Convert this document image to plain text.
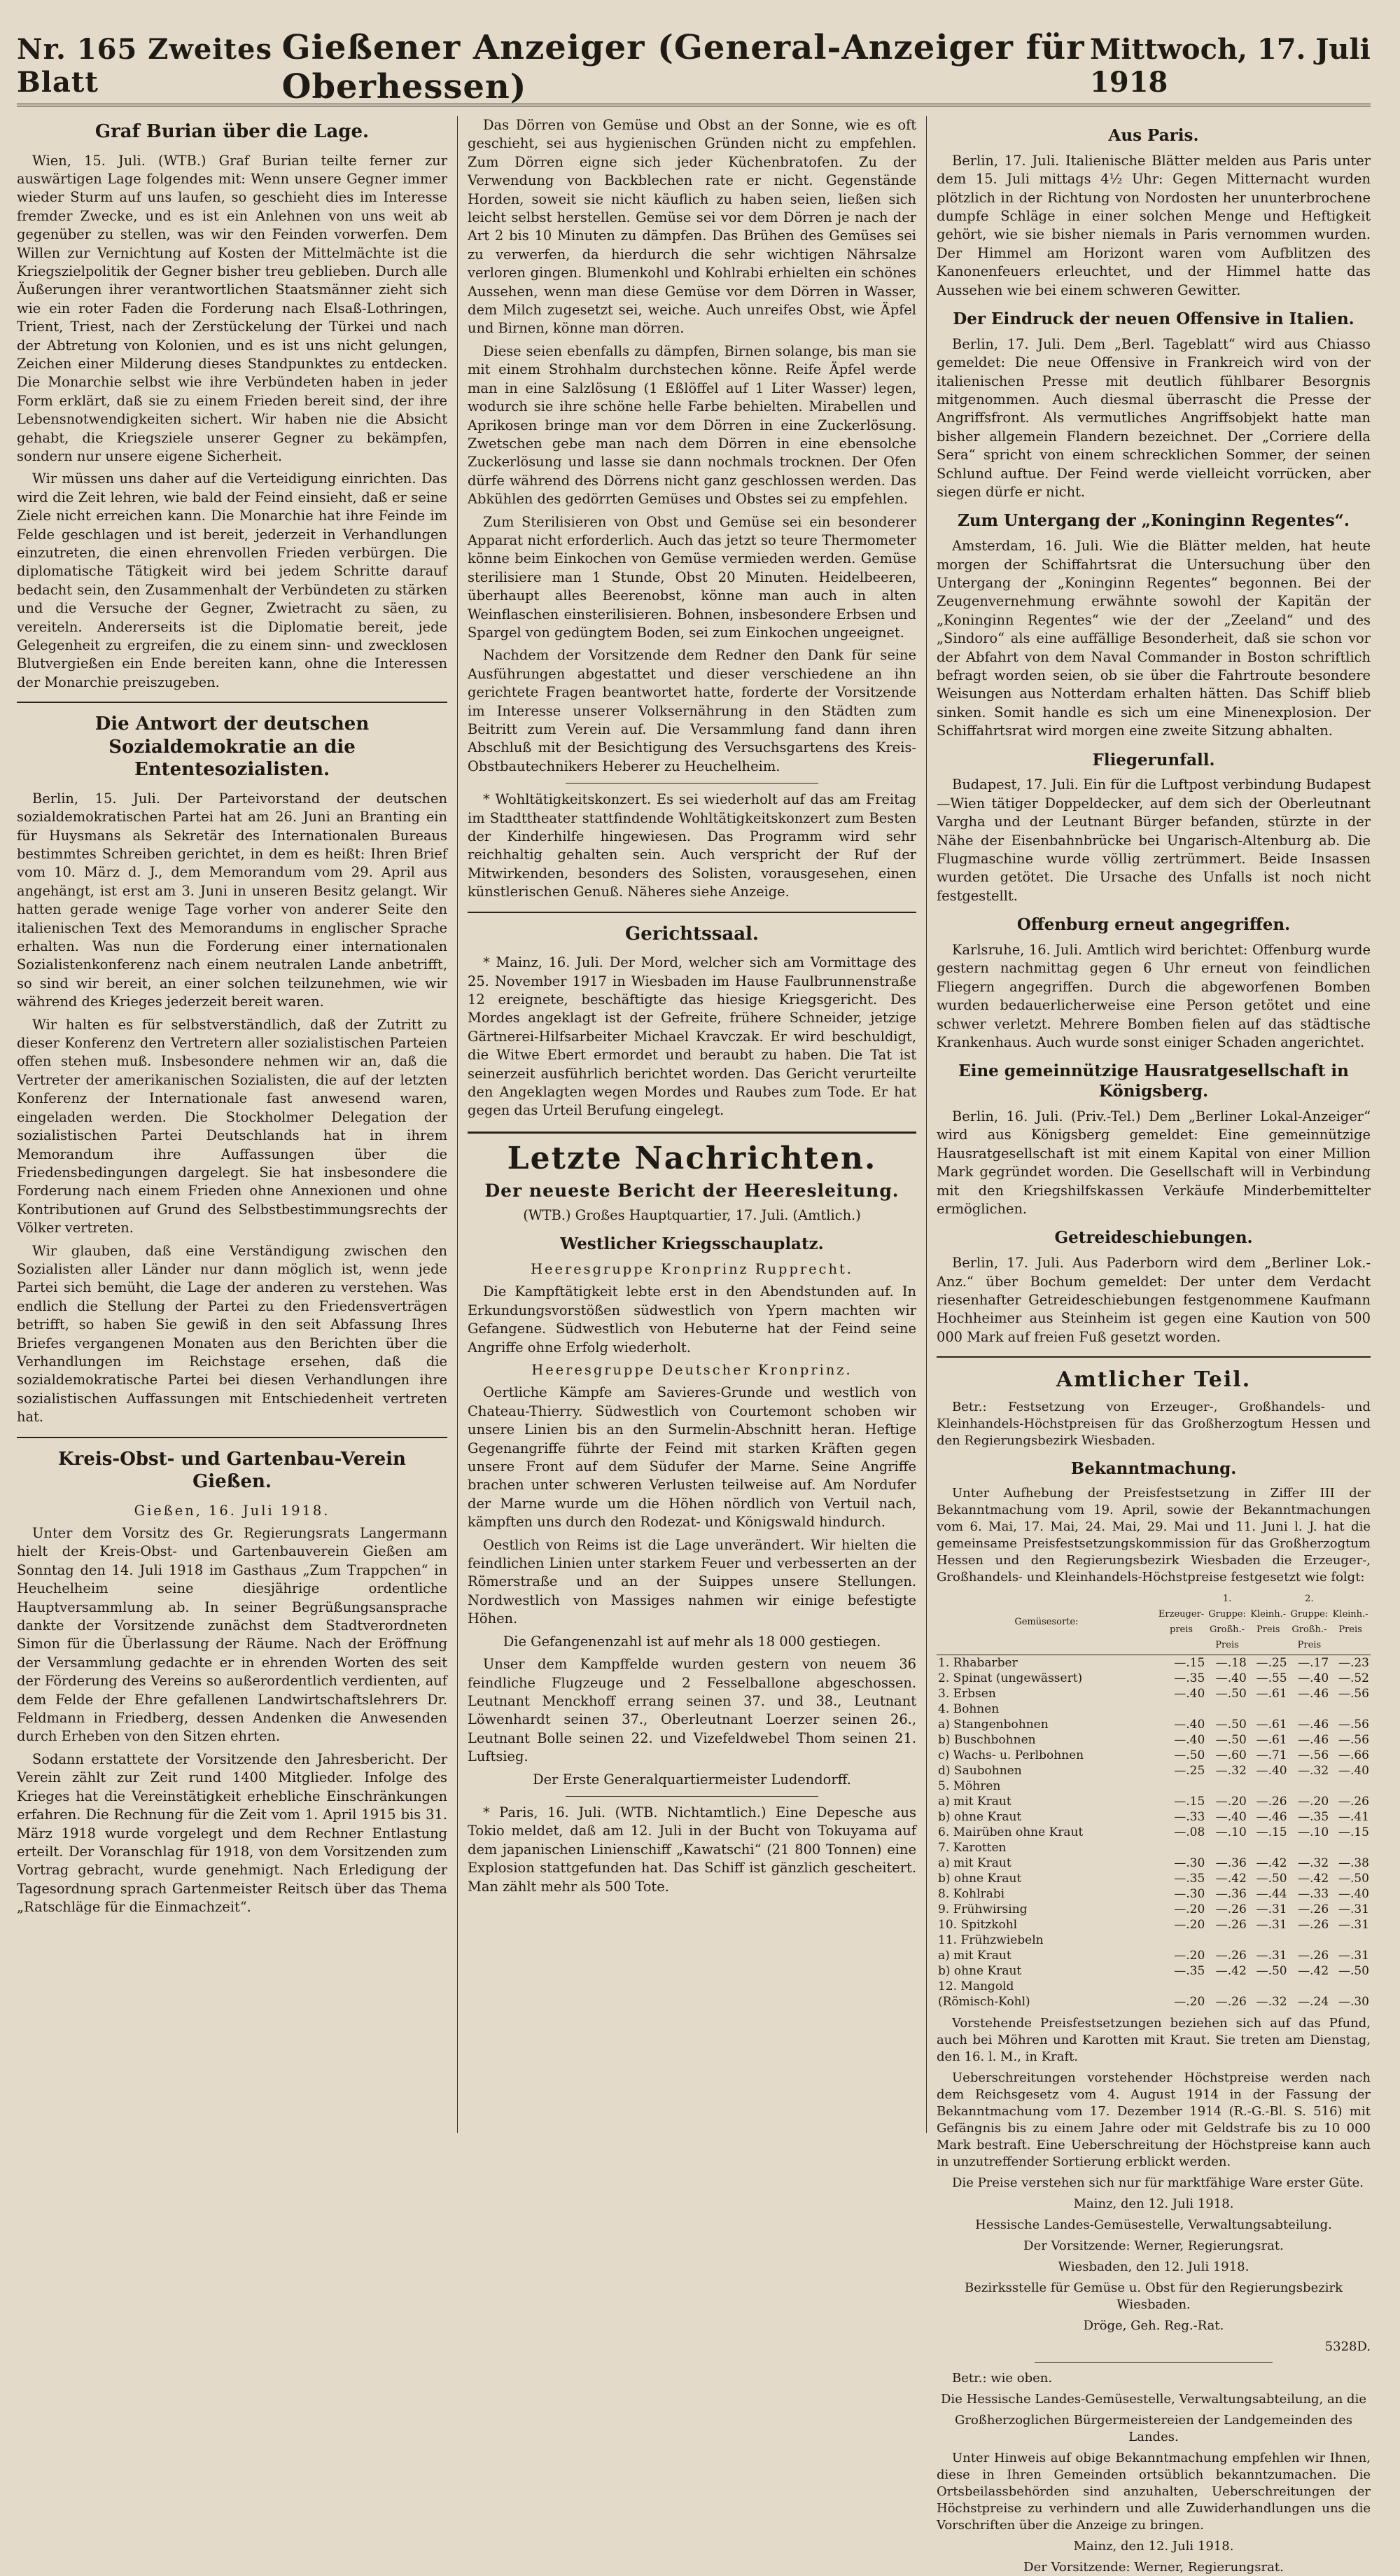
Nr. 165 Zweites Blatt
Gießener Anzeiger (General-Anzeiger für Oberhessen)
Mittwoch, 17. Juli 1918
Graf Burian über die Lage.

Wien, 15. Juli. (WTB.) Graf Burian teilte ferner zur auswärtigen Lage folgendes mit: Wenn unsere Gegner immer wieder Sturm auf uns laufen, so geschieht dies im Interesse fremder Zwecke, und es ist ein Anlehnen von uns weit ab gegenüber zu stellen, was wir den Feinden vorwerfen. Dem Willen zur Vernichtung auf Kosten der Mittelmächte ist die Kriegszielpolitik der Gegner bisher treu geblieben. Durch alle Äußerungen ihrer verantwortlichen Staatsmänner zieht sich wie ein roter Faden die Forderung nach Elsaß-Lothringen, Trient, Triest, nach der Zerstückelung der Türkei und nach der Abtretung von Kolonien, und es ist uns nicht gelungen, Zeichen einer Milderung dieses Standpunktes zu entdecken. Die Monarchie selbst wie ihre Verbündeten haben in jeder Form erklärt, daß sie zu einem Frieden bereit sind, der ihre Lebensnotwendigkeiten sichert. Wir haben nie die Absicht gehabt, die Kriegsziele unserer Gegner zu bekämpfen, sondern nur unsere eigene Sicherheit.

Wir müssen uns daher auf die Verteidigung einrichten. Das wird die Zeit lehren, wie bald der Feind einsieht, daß er seine Ziele nicht erreichen kann. Die Monarchie hat ihre Feinde im Felde geschlagen und ist bereit, jederzeit in Verhandlungen einzutreten, die einen ehrenvollen Frieden verbürgen. Die diplomatische Tätigkeit wird bei jedem Schritte darauf bedacht sein, den Zusammenhalt der Verbündeten zu stärken und die Versuche der Gegner, Zwietracht zu säen, zu vereiteln. Andererseits ist die Diplomatie bereit, jede Gelegenheit zu ergreifen, die zu einem sinn- und zwecklosen Blutvergießen ein Ende bereiten kann, ohne die Interessen der Monarchie preiszugeben.

Die Antwort der deutschen Sozialdemokratie an die Ententesozialisten.

Berlin, 15. Juli. Der Parteivorstand der deutschen sozialdemokratischen Partei hat am 26. Juni an Branting ein für Huysmans als Sekretär des Internationalen Bureaus bestimmtes Schreiben gerichtet, in dem es heißt: Ihren Brief vom 10. März d. J., dem Memorandum vom 29. April aus angehängt, ist erst am 3. Juni in unseren Besitz gelangt. Wir hatten gerade wenige Tage vorher von anderer Seite den italienischen Text des Memorandums in englischer Sprache erhalten. Was nun die Forderung einer internationalen Sozialistenkonferenz nach einem neutralen Lande anbetrifft, so sind wir bereit, an einer solchen teilzunehmen, wie wir während des Krieges jederzeit bereit waren.

Wir halten es für selbstverständlich, daß der Zutritt zu dieser Konferenz den Vertretern aller sozialistischen Parteien offen stehen muß. Insbesondere nehmen wir an, daß die Vertreter der amerikanischen Sozialisten, die auf der letzten Konferenz der Internationale fast anwesend waren, eingeladen werden. Die Stockholmer Delegation der sozialistischen Partei Deutschlands hat in ihrem Memorandum ihre Auffassungen über die Friedensbedingungen dargelegt. Sie hat insbesondere die Forderung nach einem Frieden ohne Annexionen und ohne Kontributionen auf Grund des Selbstbestimmungsrechts der Völker vertreten.

Wir glauben, daß eine Verständigung zwischen den Sozialisten aller Länder nur dann möglich ist, wenn jede Partei sich bemüht, die Lage der anderen zu verstehen. Was endlich die Stellung der Partei zu den Friedensverträgen betrifft, so haben Sie gewiß in den seit Abfassung Ihres Briefes vergangenen Monaten aus den Berichten über die Verhandlungen im Reichstage ersehen, daß die sozialdemokratische Partei bei diesen Verhandlungen ihre sozialistischen Auffassungen mit Entschiedenheit vertreten hat.

Kreis-Obst- und Gartenbau-Verein Gießen.

Gießen, 16. Juli 1918.

Unter dem Vorsitz des Gr. Regierungsrats Langermann hielt der Kreis-Obst- und Gartenbauverein Gießen am Sonntag den 14. Juli 1918 im Gasthaus „Zum Trappchen“ in Heuchelheim seine diesjährige ordentliche Hauptversammlung ab. In seiner Begrüßungsansprache dankte der Vorsitzende zunächst dem Stadtverordneten Simon für die Überlassung der Räume. Nach der Eröffnung der Versammlung gedachte er in ehrenden Worten des seit der Förderung des Vereins so außerordentlich verdienten, auf dem Felde der Ehre gefallenen Landwirtschaftslehrers Dr. Feldmann in Friedberg, dessen Andenken die Anwesenden durch Erheben von den Sitzen ehrten.

Sodann erstattete der Vorsitzende den Jahresbericht. Der Verein zählt zur Zeit rund 1400 Mitglieder. Infolge des Krieges hat die Vereinstätigkeit erhebliche Einschränkungen erfahren. Die Rechnung für die Zeit vom 1. April 1915 bis 31. März 1918 wurde vorgelegt und dem Rechner Entlastung erteilt. Der Voranschlag für 1918, von dem Vorsitzenden zum Vortrag gebracht, wurde genehmigt. Nach Erledigung der Tagesordnung sprach Gartenmeister Reitsch über das Thema „Ratschläge für die Einmachzeit“.

Das Dörren von Gemüse und Obst an der Sonne, wie es oft geschieht, sei aus hygienischen Gründen nicht zu empfehlen. Zum Dörren eigne sich jeder Küchenbratofen. Zu der Verwendung von Backblechen rate er nicht. Gegenstände Horden, soweit sie nicht käuflich zu haben seien, ließen sich leicht selbst herstellen. Gemüse sei vor dem Dörren je nach der Art 2 bis 10 Minuten zu dämpfen. Das Brühen des Gemüses sei zu verwerfen, da hierdurch die sehr wichtigen Nährsalze verloren gingen. Blumenkohl und Kohlrabi erhielten ein schönes Aussehen, wenn man diese Gemüse vor dem Dörren in Wasser, dem Milch zugesetzt sei, weiche. Auch unreifes Obst, wie Äpfel und Birnen, könne man dörren.

Diese seien ebenfalls zu dämpfen, Birnen solange, bis man sie mit einem Strohhalm durchstechen könne. Reife Äpfel werde man in eine Salzlösung (1 Eßlöffel auf 1 Liter Wasser) legen, wodurch sie ihre schöne helle Farbe behielten. Mirabellen und Aprikosen bringe man vor dem Dörren in eine Zuckerlösung. Zwetschen gebe man nach dem Dörren in eine ebensolche Zuckerlösung und lasse sie dann nochmals trocknen. Der Ofen dürfe während des Dörrens nicht ganz geschlossen werden. Das Abkühlen des gedörrten Gemüses und Obstes sei zu empfehlen.

Zum Sterilisieren von Obst und Gemüse sei ein besonderer Apparat nicht erforderlich. Auch das jetzt so teure Thermometer könne beim Einkochen von Gemüse vermieden werden. Gemüse sterilisiere man 1 Stunde, Obst 20 Minuten. Heidelbeeren, überhaupt alles Beerenobst, könne man auch in alten Weinflaschen einsterilisieren. Bohnen, insbesondere Erbsen und Spargel von gedüngtem Boden, sei zum Einkochen ungeeignet.

Nachdem der Vorsitzende dem Redner den Dank für seine Ausführungen abgestattet und dieser verschiedene an ihn gerichtete Fragen beantwortet hatte, forderte der Vorsitzende im Interesse unserer Volksernährung in den Städten zum Beitritt zum Verein auf. Die Versammlung fand dann ihren Abschluß mit der Besichtigung des Versuchsgartens des Kreis-Obstbautechnikers Heberer zu Heuchelheim.

* Wohltätigkeitskonzert. Es sei wiederholt auf das am Freitag im Stadttheater stattfindende Wohltätigkeitskonzert zum Besten der Kinderhilfe hingewiesen. Das Programm wird sehr reichhaltig gehalten sein. Auch verspricht der Ruf der Mitwirkenden, besonders des Solisten, vorausgesehen, einen künstlerischen Genuß. Näheres siehe Anzeige.

Gerichtssaal.

* Mainz, 16. Juli. Der Mord, welcher sich am Vormittage des 25. November 1917 in Wiesbaden im Hause Faulbrunnenstraße 12 ereignete, beschäftigte das hiesige Kriegsgericht. Des Mordes angeklagt ist der Gefreite, frühere Schneider, jetzige Gärtnerei-Hilfsarbeiter Michael Kravczak. Er wird beschuldigt, die Witwe Ebert ermordet und beraubt zu haben. Die Tat ist seinerzeit ausführlich berichtet worden. Das Gericht verurteilte den Angeklagten wegen Mordes und Raubes zum Tode. Er hat gegen das Urteil Berufung eingelegt.

Letzte Nachrichten.
Der neueste Bericht der Heeresleitung.

(WTB.) Großes Hauptquartier, 17. Juli. (Amtlich.)

Westlicher Kriegsschauplatz.

Heeresgruppe Kronprinz Rupprecht.

Die Kampftätigkeit lebte erst in den Abendstunden auf. In Erkundungsvorstößen südwestlich von Ypern machten wir Gefangene. Südwestlich von Hebuterne hat der Feind seine Angriffe ohne Erfolg wiederholt.

Heeresgruppe Deutscher Kronprinz.

Oertliche Kämpfe am Savieres-Grunde und westlich von Chateau-Thierry. Südwestlich von Courtemont schoben wir unsere Linien bis an den Surmelin-Abschnitt heran. Heftige Gegenangriffe führte der Feind mit starken Kräften gegen unsere Front auf dem Südufer der Marne. Seine Angriffe brachen unter schweren Verlusten teilweise auf. Am Nordufer der Marne wurde um die Höhen nördlich von Vertuil nach, kämpften uns durch den Rodezat- und Königswald hindurch.

Oestlich von Reims ist die Lage unverändert. Wir hielten die feindlichen Linien unter starkem Feuer und verbesserten an der Römerstraße und an der Suippes unsere Stellungen. Nordwestlich von Massiges nahmen wir einige befestigte Höhen.

Die Gefangenenzahl ist auf mehr als 18 000 gestiegen.

Unser dem Kampffelde wurden gestern von neuem 36 feindliche Flugzeuge und 2 Fesselballone abgeschossen. Leutnant Menckhoff errang seinen 37. und 38., Leutnant Löwenhardt seinen 37., Oberleutnant Loerzer seinen 26., Leutnant Bolle seinen 22. und Vizefeldwebel Thom seinen 21. Luftsieg.

Der Erste Generalquartiermeister Ludendorff.

* Paris, 16. Juli. (WTB. Nichtamtlich.) Eine Depesche aus Tokio meldet, daß am 12. Juli in der Bucht von Tokuyama auf dem japanischen Linienschiff „Kawatschi“ (21 800 Tonnen) eine Explosion stattgefunden hat. Das Schiff ist gänzlich gescheitert. Man zählt mehr als 500 Tote.

Aus Paris.

Berlin, 17. Juli. Italienische Blätter melden aus Paris unter dem 15. Juli mittags 4½ Uhr: Gegen Mitternacht wurden plötzlich in der Richtung von Nordosten her ununterbrochene dumpfe Schläge in einer solchen Menge und Heftigkeit gehört, wie sie bisher niemals in Paris vernommen wurden. Der Himmel am Horizont waren vom Aufblitzen des Kanonenfeuers erleuchtet, und der Himmel hatte das Aussehen wie bei einem schweren Gewitter.

Der Eindruck der neuen Offensive in Italien.

Berlin, 17. Juli. Dem „Berl. Tageblatt“ wird aus Chiasso gemeldet: Die neue Offensive in Frankreich wird von der italienischen Presse mit deutlich fühlbarer Besorgnis mitgenommen. Auch diesmal überrascht die Presse der Angriffsfront. Als vermutliches Angriffsobjekt hatte man bisher allgemein Flandern bezeichnet. Der „Corriere della Sera“ spricht von einem schrecklichen Sommer, der seinen Schlund auftue. Der Feind werde vielleicht vorrücken, aber siegen dürfe er nicht.

Zum Untergang der „Koninginn Regentes“.

Amsterdam, 16. Juli. Wie die Blätter melden, hat heute morgen der Schiffahrtsrat die Untersuchung über den Untergang der „Koninginn Regentes“ begonnen. Bei der Zeugenvernehmung erwähnte sowohl der Kapitän der „Koninginn Regentes“ wie der der „Zeeland“ und des „Sindoro“ als eine auffällige Besonderheit, daß sie schon vor der Abfahrt von dem Naval Commander in Boston schriftlich befragt worden seien, ob sie über die Fahrtroute besondere Weisungen aus Notterdam erhalten hätten. Das Schiff blieb sinken. Somit handle es sich um eine Minenexplosion. Der Schiffahrtsrat wird morgen eine zweite Sitzung abhalten.

Fliegerunfall.

Budapest, 17. Juli. Ein für die Luftpost verbindung Budapest—Wien tätiger Doppeldecker, auf dem sich der Oberleutnant Vargha und der Leutnant Bürger befanden, stürzte in der Nähe der Eisenbahnbrücke bei Ungarisch-Altenburg ab. Die Flugmaschine wurde völlig zertrümmert. Beide Insassen wurden getötet. Die Ursache des Unfalls ist noch nicht festgestellt.

Offenburg erneut angegriffen.

Karlsruhe, 16. Juli. Amtlich wird berichtet: Offenburg wurde gestern nachmittag gegen 6 Uhr erneut von feindlichen Fliegern angegriffen. Durch die abgeworfenen Bomben wurden bedauerlicherweise eine Person getötet und eine schwer verletzt. Mehrere Bomben fielen auf das städtische Krankenhaus. Auch wurde sonst einiger Schaden angerichtet.

Eine gemeinnützige Hausratgesellschaft in Königsberg.

Berlin, 16. Juli. (Priv.-Tel.) Dem „Berliner Lokal-Anzeiger“ wird aus Königsberg gemeldet: Eine gemeinnützige Hausratgesellschaft ist mit einem Kapital von einer Million Mark gegründet worden. Die Gesellschaft will in Verbindung mit den Kriegshilfskassen Verkäufe Minderbemittelter ermöglichen.

Getreideschiebungen.

Berlin, 17. Juli. Aus Paderborn wird dem „Berliner Lok.-Anz.“ über Bochum gemeldet: Der unter dem Verdacht riesenhafter Getreideschiebungen festgenommene Kaufmann Hochheimer aus Steinheim ist gegen eine Kaution von 500 000 Mark auf freien Fuß gesetzt worden.

Amtlicher Teil.

Betr.: Festsetzung von Erzeuger-, Großhandels- und Kleinhandels-Höchstpreisen für das Großherzogtum Hessen und den Regierungsbezirk Wiesbaden.

Bekanntmachung.

Unter Aufhebung der Preisfestsetzung in Ziffer III der Bekanntmachung vom 19. April, sowie der Bekanntmachungen vom 6. Mai, 17. Mai, 24. Mai, 29. Mai und 11. Juni l. J. hat die gemeinsame Preisfestsetzungskommission für das Großherzogtum Hessen und den Regierungsbezirk Wiesbaden die Erzeuger-, Großhandels- und Kleinhandels-Höchstpreise festgesetzt wie folgt:

Gemüsesorte:	Erzeuger-preis	1. Gruppe: Großh.-Preis	Kleinh.-Preis	2. Gruppe: Großh.-Preis	Kleinh.-Preis
1. Rhabarber	—.15	—.18	—.25	—.17	—.23
2. Spinat (ungewässert)	—.35	—.40	—.55	—.40	—.52
3. Erbsen	—.40	—.50	—.61	—.46	—.56
4. Bohnen					
a) Stangenbohnen	—.40	—.50	—.61	—.46	—.56
b) Buschbohnen	—.40	—.50	—.61	—.46	—.56
c) Wachs- u. Perlbohnen	—.50	—.60	—.71	—.56	—.66
d) Saubohnen	—.25	—.32	—.40	—.32	—.40
5. Möhren					
a) mit Kraut	—.15	—.20	—.26	—.20	—.26
b) ohne Kraut	—.33	—.40	—.46	—.35	—.41
6. Mairüben ohne Kraut	—.08	—.10	—.15	—.10	—.15
7. Karotten					
a) mit Kraut	—.30	—.36	—.42	—.32	—.38
b) ohne Kraut	—.35	—.42	—.50	—.42	—.50
8. Kohlrabi	—.30	—.36	—.44	—.33	—.40
9. Frühwirsing	—.20	—.26	—.31	—.26	—.31
10. Spitzkohl	—.20	—.26	—.31	—.26	—.31
11. Frühzwiebeln					
a) mit Kraut	—.20	—.26	—.31	—.26	—.31
b) ohne Kraut	—.35	—.42	—.50	—.42	—.50
12. Mangold					
(Römisch-Kohl)	—.20	—.26	—.32	—.24	—.30

Vorstehende Preisfestsetzungen beziehen sich auf das Pfund, auch bei Möhren und Karotten mit Kraut. Sie treten am Dienstag, den 16. l. M., in Kraft.

Ueberschreitungen vorstehender Höchstpreise werden nach dem Reichsgesetz vom 4. August 1914 in der Fassung der Bekanntmachung vom 17. Dezember 1914 (R.-G.-Bl. S. 516) mit Gefängnis bis zu einem Jahre oder mit Geldstrafe bis zu 10 000 Mark bestraft. Eine Ueberschreitung der Höchstpreise kann auch in unzutreffender Sortierung erblickt werden.

Die Preise verstehen sich nur für marktfähige Ware erster Güte.

Mainz, den 12. Juli 1918.

Hessische Landes-Gemüsestelle, Verwaltungsabteilung.

Der Vorsitzende: Werner, Regierungsrat.

Wiesbaden, den 12. Juli 1918.

Bezirksstelle für Gemüse u. Obst für den Regierungsbezirk Wiesbaden.

Dröge, Geh. Reg.-Rat.

5328D.

Betr.: wie oben.

Die Hessische Landes-Gemüsestelle, Verwaltungsabteilung, an die

Großherzoglichen Bürgermeistereien der Landgemeinden des Landes.

Unter Hinweis auf obige Bekanntmachung empfehlen wir Ihnen, diese in Ihren Gemeinden ortsüblich bekanntzumachen. Die Ortsbeilassbehörden sind anzuhalten, Ueberschreitungen der Höchstpreise zu verhindern und alle Zuwiderhandlungen uns die Vorschriften über die Anzeige zu bringen.

Mainz, den 12. Juli 1918.

Der Vorsitzende: Werner, Regierungsrat.
